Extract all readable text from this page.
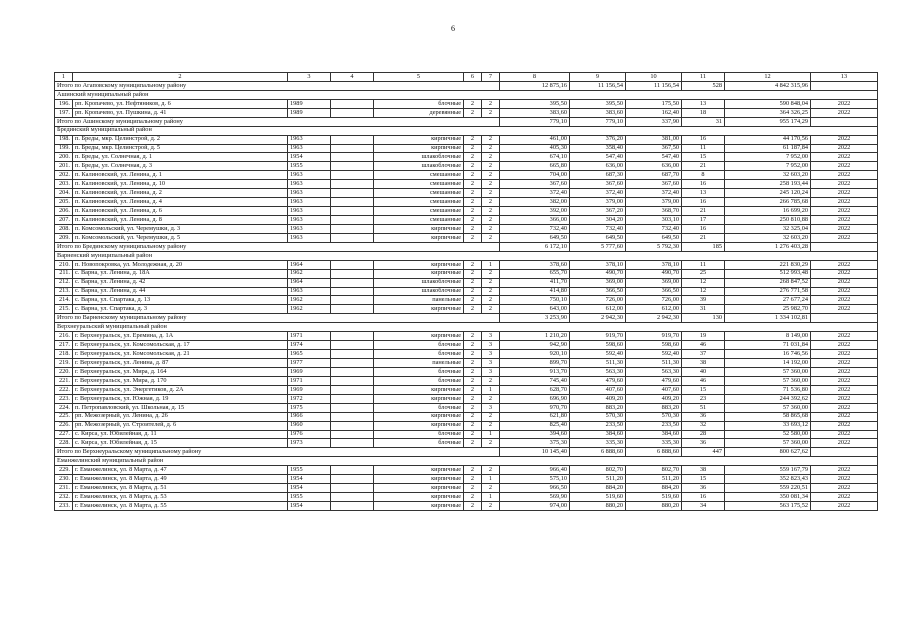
6
1	2	3	4	5	6	7	8	9	10	11	12	13
Итого по Агаповскому муниципальному району							12 875,16	11 156,54	11 156,54	528	4 842 315,96	
Ашинский муниципальный район												
196.	рп. Кропачево, ул. Нефтяников, д. 6	1989		блочные	2	2	395,50	395,50	175,50	13	590 848,04	2022
197.	рп. Кропачево, ул. Пушкина, д. 41	1989		деревянные	2	2	383,60	383,60	162,40	18	364 326,25	2022
Итого по Ашинскому муниципальному району							779,10	779,10	337,90	31	955 174,29	
Брединский муниципальный район												
198.	п. Бреды, мкр. Целинстрой, д. 2	1963		кирпичные	2	2	461,00	376,20	381,00	16	44 170,56	2022
199.	п. Бреды, мкр. Целинстрой, д. 5	1963		кирпичные	2	2	405,30	358,40	367,50	11	61 187,84	2022
200.	п. Бреды, ул. Солнечная, д. 1	1954		шлакоблочные	2	2	674,10	547,40	547,40	15	7 952,00	2022
201.	п. Бреды, ул. Солнечная, д. 3	1955		шлакоблочные	2	2	665,80	636,00	636,00	21	7 952,00	2022
202.	п. Калиновский, ул. Ленина, д. 1	1963		смешанные	2	2	704,00	687,30	687,70	8	32 603,20	2022
203.	п. Калиновский, ул. Ленина, д. 10	1963		смешанные	2	2	367,60	367,60	367,60	16	258 193,44	2022
204.	п. Калиновский, ул. Ленина, д. 2	1963		смешанные	2	2	372,40	372,40	372,40	13	245 120,24	2022
205.	п. Калиновский, ул. Ленина, д. 4	1963		смешанные	2	2	382,00	379,00	379,00	16	266 785,68	2022
206.	п. Калиновский, ул. Ленина, д. 6	1963		смешанные	2	2	392,00	367,20	368,70	21	16 699,20	2022
207.	п. Калиновский, ул. Ленина, д. 8	1963		смешанные	2	2	366,00	304,20	303,10	17	250 810,88	2022
208.	п. Комсомольский, ул. Черемушки, д. 3	1963		кирпичные	2	2	732,40	732,40	732,40	16	32 325,04	2022
209.	п. Комсомольский, ул. Черемушки, д. 5	1963		кирпичные	2	2	649,50	649,50	649,50	21	32 603,20	2022
Итого по Брединскому муниципальному району							6 172,10	5 777,60	5 792,30	185	1 276 403,28	
Варненский муниципальный район												
210.	п. Новопокровка, ул. Молодежная, д. 20	1964		кирпичные	2	1	378,60	378,10	378,10	11	221 830,29	2022
211.	с. Варна, ул. Ленина, д. 18А	1962		кирпичные	2	2	655,70	490,70	490,70	25	512 993,48	2022
212.	с. Варна, ул. Ленина, д. 42	1964		шлакоблочные	2	2	411,70	369,00	369,00	12	268 847,52	2022
213.	с. Варна, ул. Ленина, д. 44	1963		шлакоблочные	2	2	414,80	366,50	366,50	12	276 771,58	2022
214.	с. Варна, ул. Спартака, д. 13	1962		панельные	2	2	750,10	726,00	726,00	39	27 677,24	2022
215.	с. Варна, ул. Спартака, д. 3	1962		кирпичные	2	2	643,00	612,00	612,00	31	25 982,70	2022
Итого по Варненскому муниципальному району							3 253,90	2 942,30	2 942,30	130	1 334 102,81	
Верхнеуральский муниципальный район												
216.	г. Верхнеуральск, ул. Еремина, д. 1А	1971		кирпичные	2	3	1 210,20	919,70	919,70	19	8 149,00	2022
217.	г. Верхнеуральск, ул. Комсомольская, д. 17	1974		блочные	2	3	942,90	598,60	598,60	46	71 031,84	2022
218.	г. Верхнеуральск, ул. Комсомольская, д. 21	1965		блочные	2	3	920,10	592,40	592,40	37	16 746,56	2022
219.	г. Верхнеуральск, ул. Ленина, д. 87	1977		панельные	2	3	899,70	511,30	511,30	38	14 192,00	2022
220.	г. Верхнеуральск, ул. Мира, д. 164	1969		блочные	2	3	913,70	563,30	563,30	40	57 360,00	2022
221.	г. Верхнеуральск, ул. Мира, д. 170	1971		блочные	2	2	745,40	479,60	479,60	46	57 360,00	2022
222.	г. Верхнеуральск, ул. Энергетиков, д. 2А	1969		кирпичные	2	1	628,70	407,60	407,60	15	71 536,80	2022
223.	г. Верхнеуральск, ул. Южная, д. 19	1972		кирпичные	2	2	696,90	409,20	409,20	23	244 392,62	2022
224.	п. Петропавловский, ул. Школьная, д. 15	1975		блочные	2	3	970,70	883,20	883,20	51	57 360,00	2022
225.	рп. Межозерный, ул. Ленина, д. 26	1966		кирпичные	2	2	621,80	570,30	570,30	36	58 865,68	2022
226.	рп. Межозерный, ул. Строителей, д. 6	1960		кирпичные	2	2	825,40	233,50	233,50	32	33 693,12	2022
227.	с. Кирса, ул. Юбилейная, д. 11	1976		блочные	2	1	394,60	384,60	384,60	28	52 580,00	2022
228.	с. Кирса, ул. Юбилейная, д. 15	1973		блочные	2	2	375,30	335,30	335,30	36	57 360,00	2022
Итого по Верхнеуральскому муниципальному району							10 145,40	6 888,60	6 888,60	447	800 627,62	
Еманжелинский муниципальный район												
229.	г. Еманжелинск, ул. 8 Марта, д. 47	1955		кирпичные	2	2	966,40	802,70	802,70	38	559 167,79	2022
230.	г. Еманжелинск, ул. 8 Марта, д. 49	1954		кирпичные	2	1	575,10	511,20	511,20	15	352 823,43	2022
231.	г. Еманжелинск, ул. 8 Марта, д. 51	1954		кирпичные	2	2	966,50	884,20	884,20	36	559 220,51	2022
232.	г. Еманжелинск, ул. 8 Марта, д. 53	1955		кирпичные	2	1	569,90	519,60	519,60	16	350 081,34	2022
233.	г. Еманжелинск, ул. 8 Марта, д. 55	1954		кирпичные	2	2	974,00	880,20	880,20	34	563 175,52	2022
